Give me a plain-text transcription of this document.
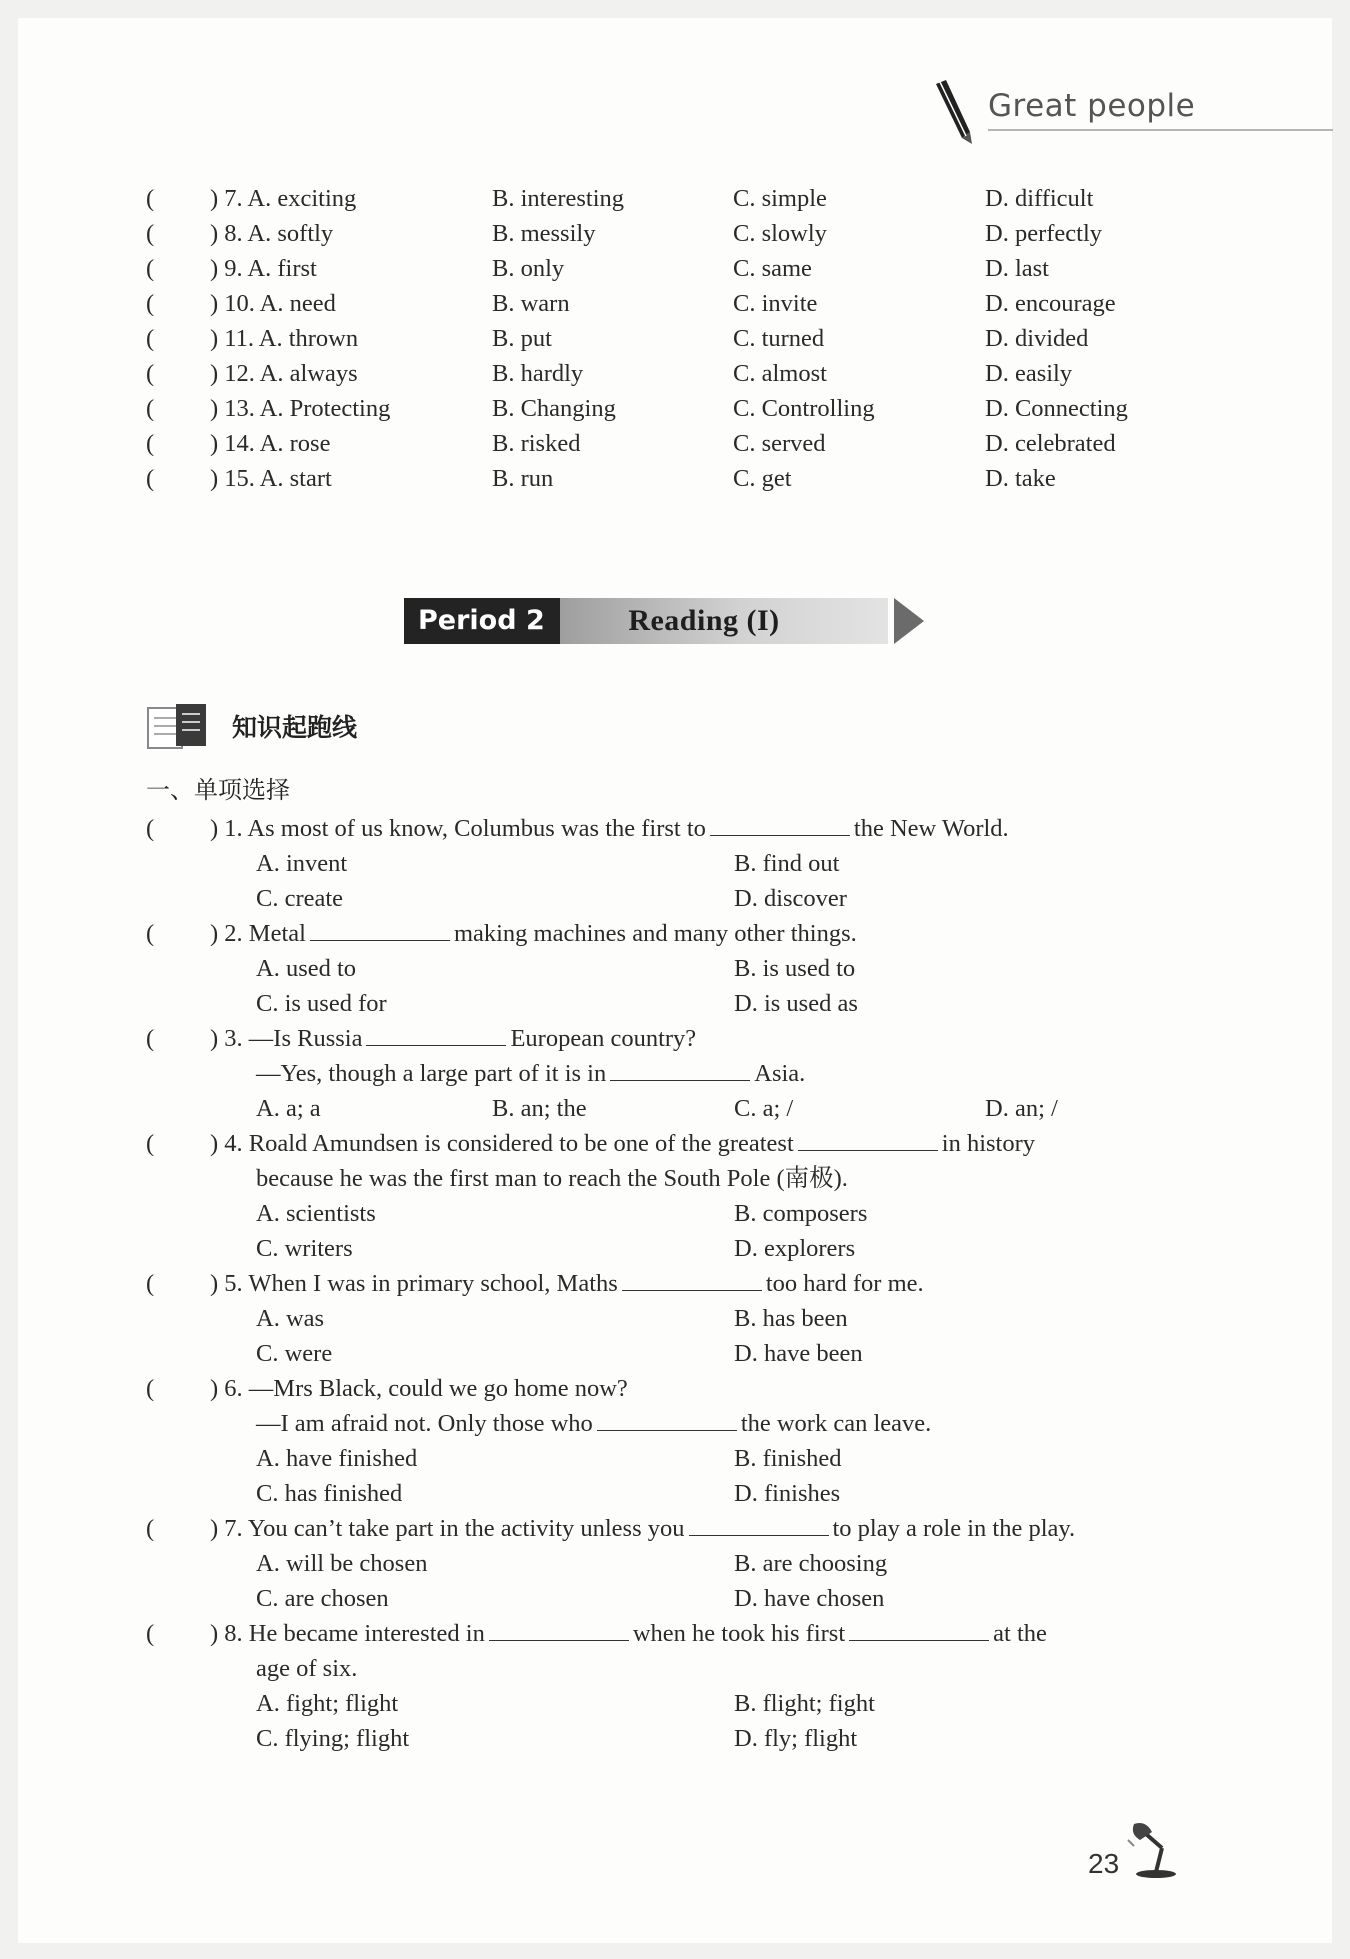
Great people
( ) 7. A. exciting	B. interesting	C. simple	D. difficult
( ) 8. A. softly	B. messily	C. slowly	D. perfectly
( ) 9. A. first	B. only	C. same	D. last
( ) 10. A. need	B. warn	C. invite	D. encourage
( ) 11. A. thrown	B. put	C. turned	D. divided
( ) 12. A. always	B. hardly	C. almost	D. easily
( ) 13. A. Protecting	B. Changing	C. Controlling	D. Connecting
( ) 14. A. rose	B. risked	C. served	D. celebrated
( ) 15. A. start	B. run	C. get	D. take
Period 2	Reading (I)
知识起跑线
一、单项选择
( ) 1. As most of us know, Columbus was the first to	the New World.
A. invent	B. find out
C. create	D. discover
( ) 2. Metal	making machines and many other things.
A. used to	B. is used to
C. is used for	D. is used as
( ) 3. —Is Russia	European country?
—Yes, though a large part of it is in	Asia.
A. a; a	B. an; the	C. a; /	D. an; /
( ) 4. Roald Amundsen is considered to be one of the greatest	in history
because he was the first man to reach the South Pole (南极).
A. scientists	B. composers
C. writers	D. explorers
( ) 5. When I was in primary school, Maths	too hard for me.
A. was	B. has been
C. were	D. have been
( ) 6. —Mrs Black, could we go home now?
—I am afraid not. Only those who	the work can leave.
A. have finished	B. finished
C. has finished	D. finishes
( ) 7. You can’t take part in the activity unless you	to play a role in the play.
A. will be chosen	B. are choosing
C. are chosen	D. have chosen
( ) 8. He became interested in	when he took his first	at the
age of six.
A. fight; flight	B. flight; fight
C. flying; flight	D. fly; flight
23
